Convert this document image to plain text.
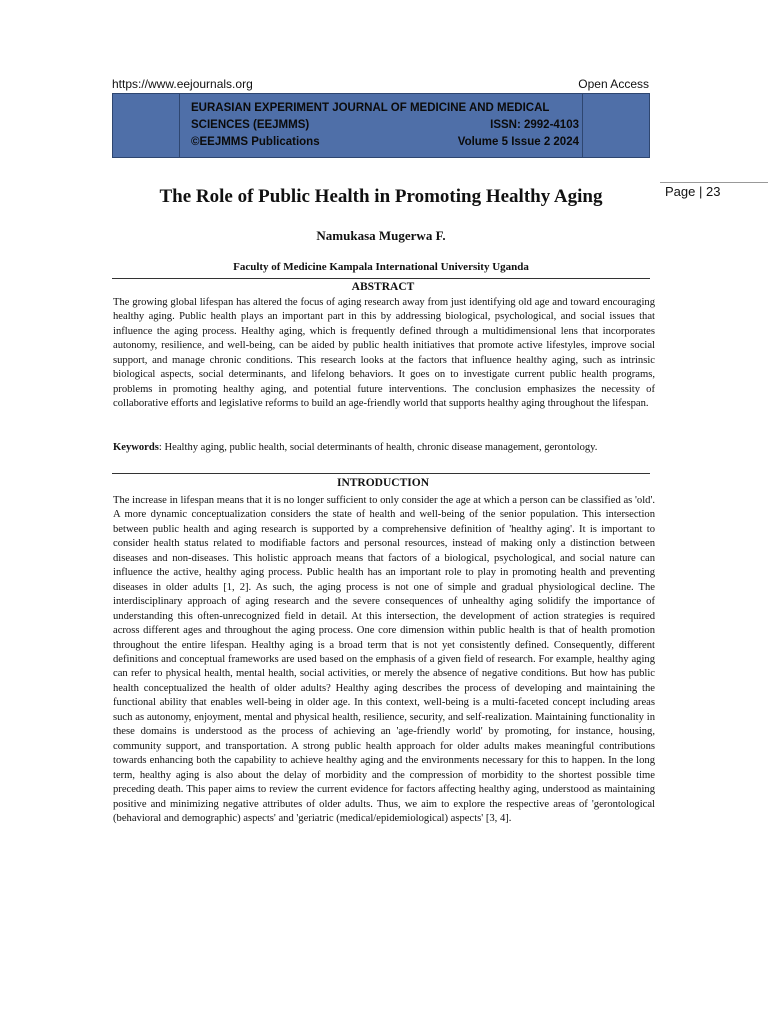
https://www.eejournals.org	Open Access
EURASIAN EXPERIMENT JOURNAL OF MEDICINE AND MEDICAL
SCIENCES (EEJMMS)	ISSN: 2992-4103
©EEJMMS Publications	Volume 5 Issue 2 2024
Page | 23
The Role of Public Health in Promoting Healthy Aging
Namukasa Mugerwa F.
Faculty of Medicine Kampala International University Uganda
ABSTRACT

The growing global lifespan has altered the focus of aging research away from just identifying old age and toward encouraging healthy aging. Public health plays an important part in this by addressing biological, psychological, and social issues that influence the aging process. Healthy aging, which is frequently defined through a multidimensional lens that incorporates autonomy, resilience, and well-being, can be aided by public health initiatives that promote active lifestyles, improve social support, and manage chronic conditions. This research looks at the factors that influence healthy aging, such as intrinsic biological aspects, social determinants, and lifelong behaviors. It goes on to investigate current public health programs, problems in promoting healthy aging, and potential future interventions. The conclusion emphasizes the necessity of collaborative efforts and legislative reforms to build an age-friendly world that supports healthy aging throughout the lifespan.

Keywords: Healthy aging, public health, social determinants of health, chronic disease management, gerontology.

INTRODUCTION

The increase in lifespan means that it is no longer sufficient to only consider the age at which a person can be classified as 'old'. A more dynamic conceptualization considers the state of health and well-being of the senior population. This intersection between public health and aging research is supported by a comprehensive definition of 'healthy aging'. It is important to consider health status related to modifiable factors and personal resources, instead of making only a distinction between diseases and non-diseases. This holistic approach means that factors of a biological, psychological, and social nature can influence the active, healthy aging process. Public health has an important role to play in promoting health and preventing diseases in older adults [1, 2]. As such, the aging process is not one of simple and gradual physiological decline. The interdisciplinary approach of aging research and the severe consequences of unhealthy aging solidify the importance of understanding this often-unrecognized field in detail. At this intersection, the development of action strategies is required across different ages and throughout the aging process. One core dimension within public health is that of health promotion throughout the entire lifespan. Healthy aging is a broad term that is not yet consistently defined. Consequently, different definitions and conceptual frameworks are used based on the emphasis of a given field of research. For example, healthy aging can refer to physical health, mental health, social activities, or merely the absence of negative conditions. But how has public health conceptualized the health of older adults? Healthy aging describes the process of developing and maintaining the functional ability that enables well-being in older age. In this context, well-being is a multi-faceted concept including areas such as autonomy, enjoyment, mental and physical health, resilience, security, and self-realization. Maintaining functionality in these domains is understood as the process of achieving an 'age-friendly world' by promoting, for instance, housing, community support, and transportation. A strong public health approach for older adults makes meaningful contributions towards enhancing both the capability to achieve healthy aging and the environments necessary for this to happen. In the long term, healthy aging is also about the delay of morbidity and the compression of morbidity to the shortest possible time preceding death. This paper aims to review the current evidence for factors affecting healthy aging, understood as maintaining positive and minimizing negative attributes of older adults. Thus, we aim to explore the respective areas of 'gerontological (behavioral and demographic) aspects' and 'geriatric (medical/epidemiological) aspects' [3, 4].
